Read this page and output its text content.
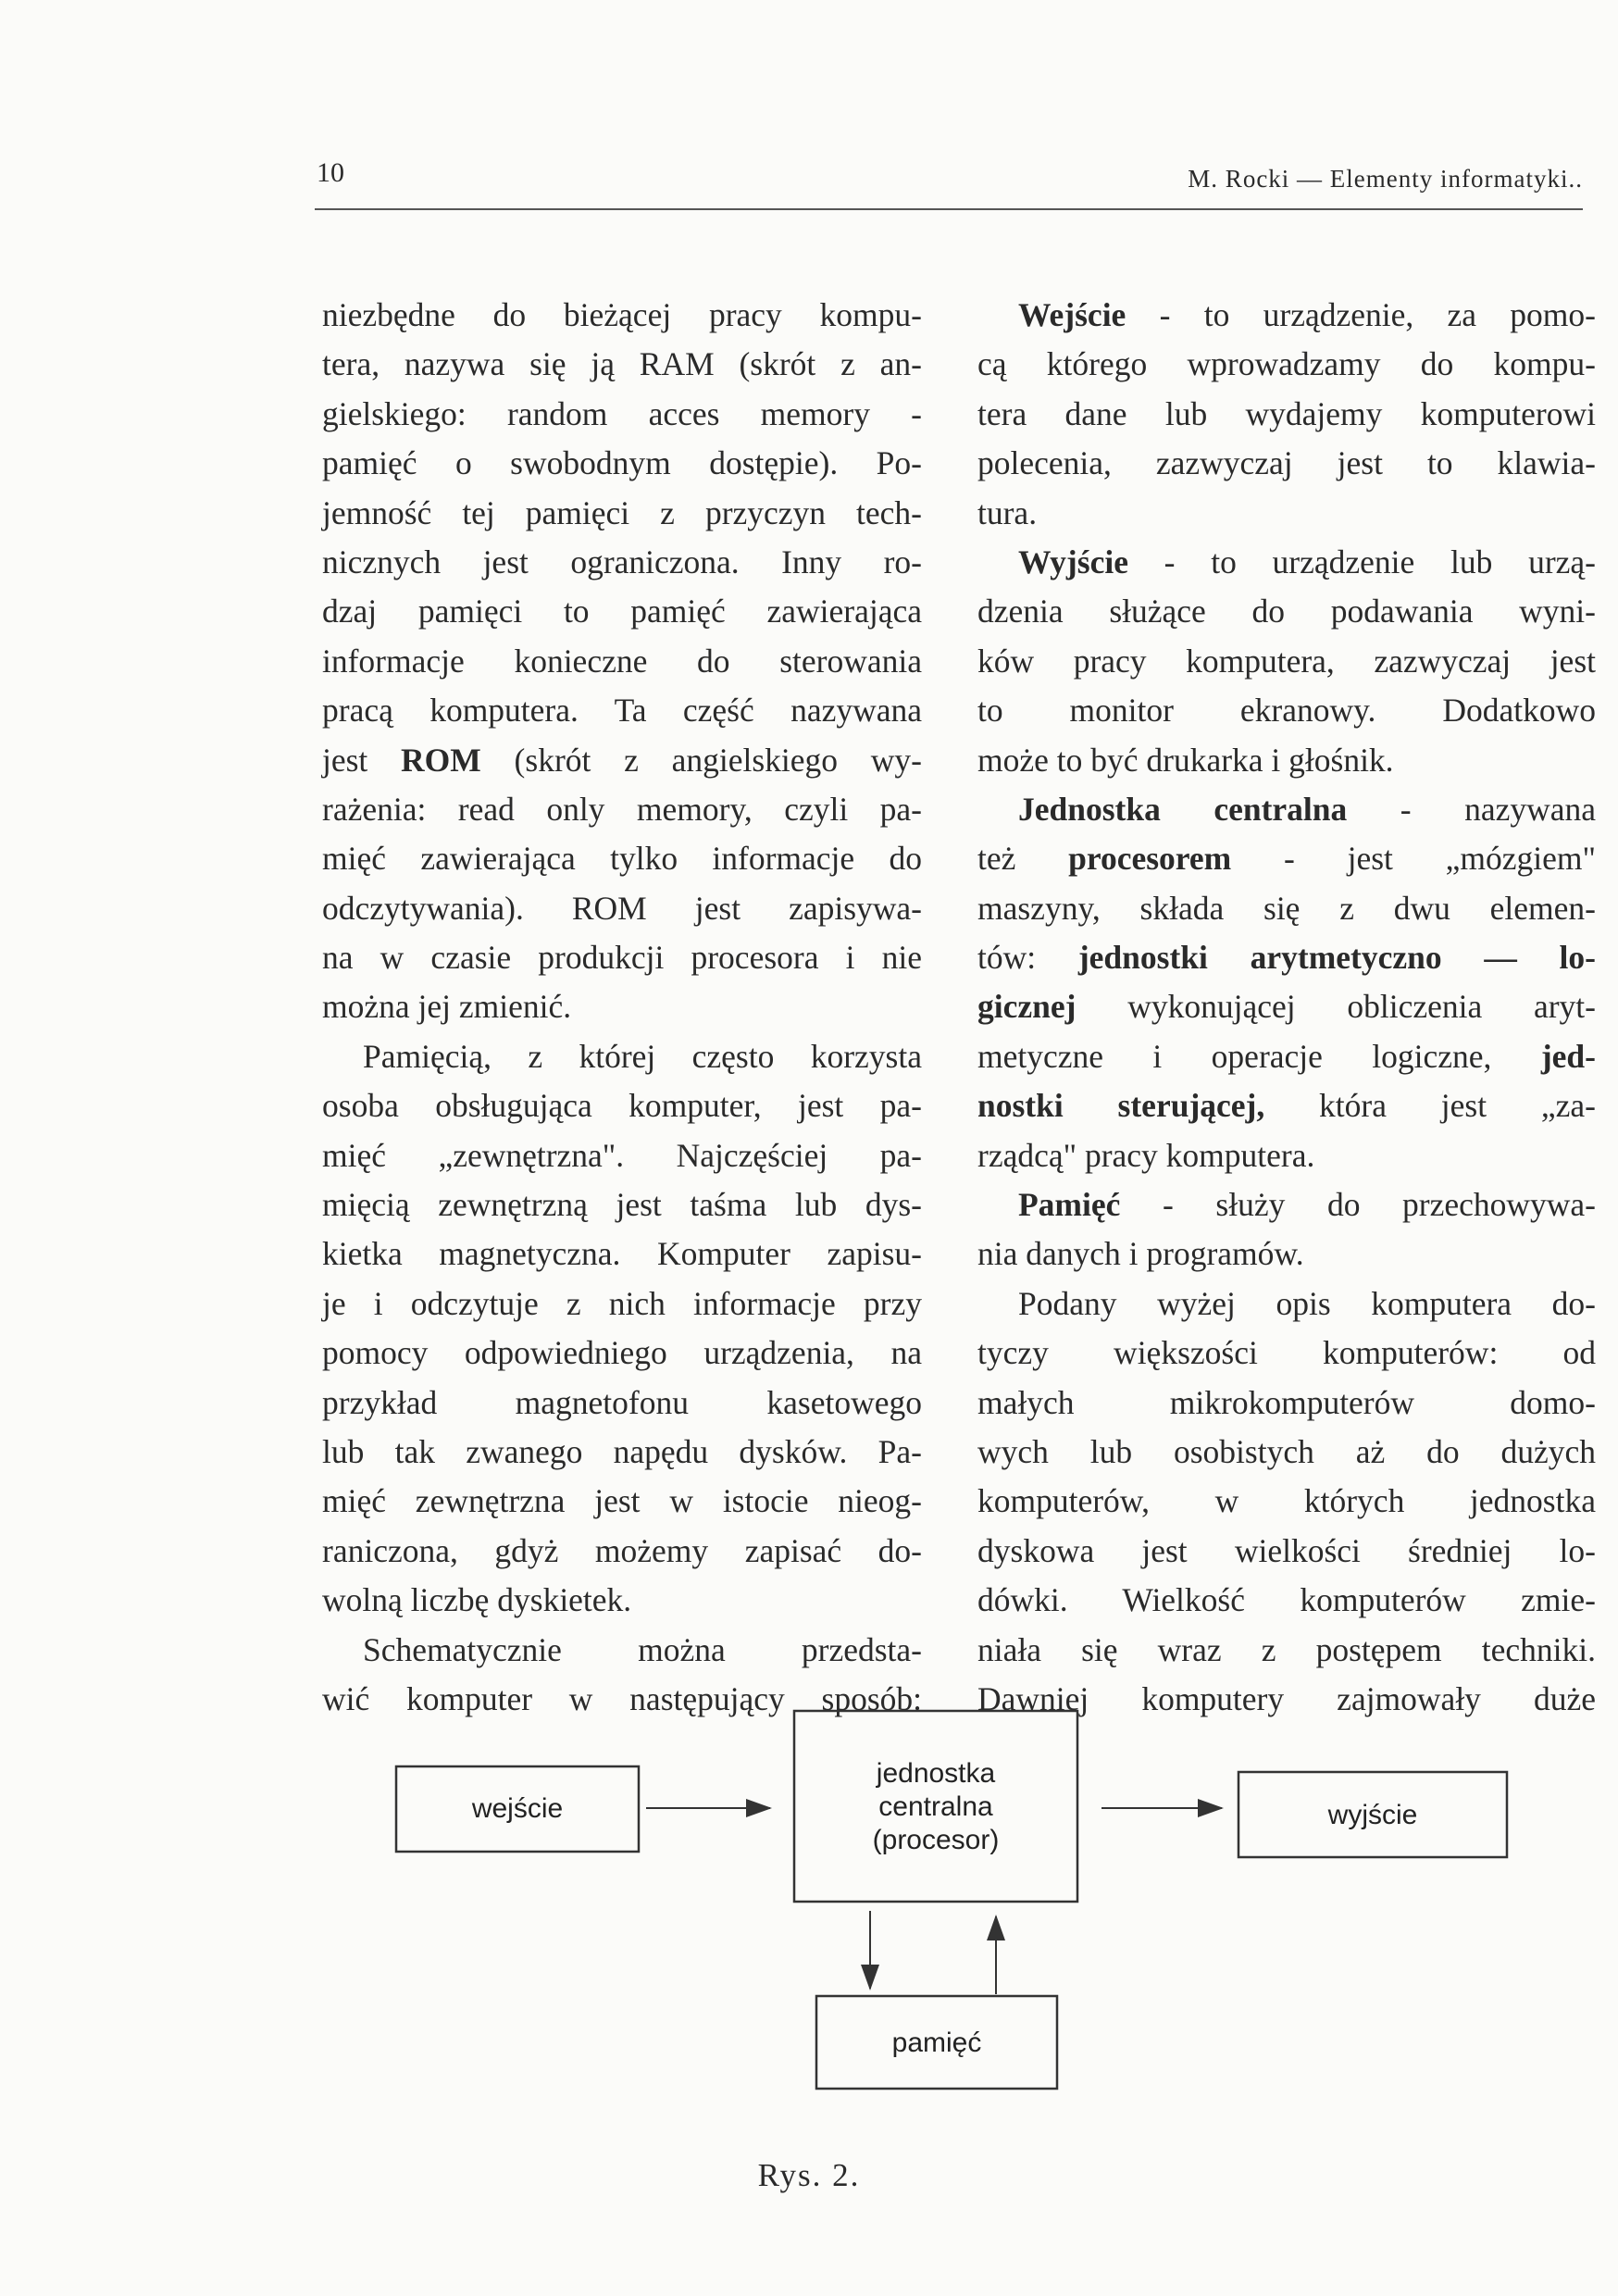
10	M. Rocki — Elementy informatyki..
niezbędne do bieżącej pracy kompu-
tera, nazywa się ją RAM (skrót z an-
gielskiego: random acces memory -
pamięć o swobodnym dostępie). Po-
jemność tej pamięci z przyczyn tech-
nicznych jest ograniczona. Inny ro-
dzaj pamięci to pamięć zawierająca
informacje konieczne do sterowania
pracą komputera. Ta część nazywana
jest ROM (skrót z angielskiego wy-
rażenia: read only memory, czyli pa-
mięć zawierająca tylko informacje do
odczytywania). ROM jest zapisywa-
na w czasie produkcji procesora i nie
można jej zmienić.
Pamięcią, z której często korzysta
osoba obsługująca komputer, jest pa-
mięć „zewnętrzna". Najczęściej pa-
mięcią zewnętrzną jest taśma lub dys-
kietka magnetyczna. Komputer zapisu-
je i odczytuje z nich informacje przy
pomocy odpowiedniego urządzenia, na
przykład magnetofonu kasetowego
lub tak zwanego napędu dysków. Pa-
mięć zewnętrzna jest w istocie nieog-
raniczona, gdyż możemy zapisać do-
wolną liczbę dyskietek.
Schematycznie można przedsta-
wić komputer w następujący sposób:
Wejście - to urządzenie, za pomo-
cą którego wprowadzamy do kompu-
tera dane lub wydajemy komputerowi
polecenia, zazwyczaj jest to klawia-
tura.
Wyjście - to urządzenie lub urzą-
dzenia służące do podawania wyni-
ków pracy komputera, zazwyczaj jest
to monitor ekranowy. Dodatkowo
może to być drukarka i głośnik.
Jednostka centralna - nazywana
też procesorem - jest „mózgiem"
maszyny, składa się z dwu elemen-
tów: jednostki arytmetyczno — lo-
gicznej wykonującej obliczenia aryt-
metyczne i operacje logiczne, jed-
nostki sterującej, która jest „za-
rządcą" pracy komputera.
Pamięć - służy do przechowywa-
nia danych i programów.
Podany wyżej opis komputera do-
tyczy większości komputerów: od
małych mikrokomputerów domo-
wych lub osobistych aż do dużych
komputerów, w których jednostka
dyskowa jest wielkości średniej lo-
dówki. Wielkość komputerów zmie-
niała się wraz z postępem techniki.
Dawniej komputery zajmowały duże
wejście
jednostka
centralna
(procesor)
wyjście
pamięć
Rys. 2.
